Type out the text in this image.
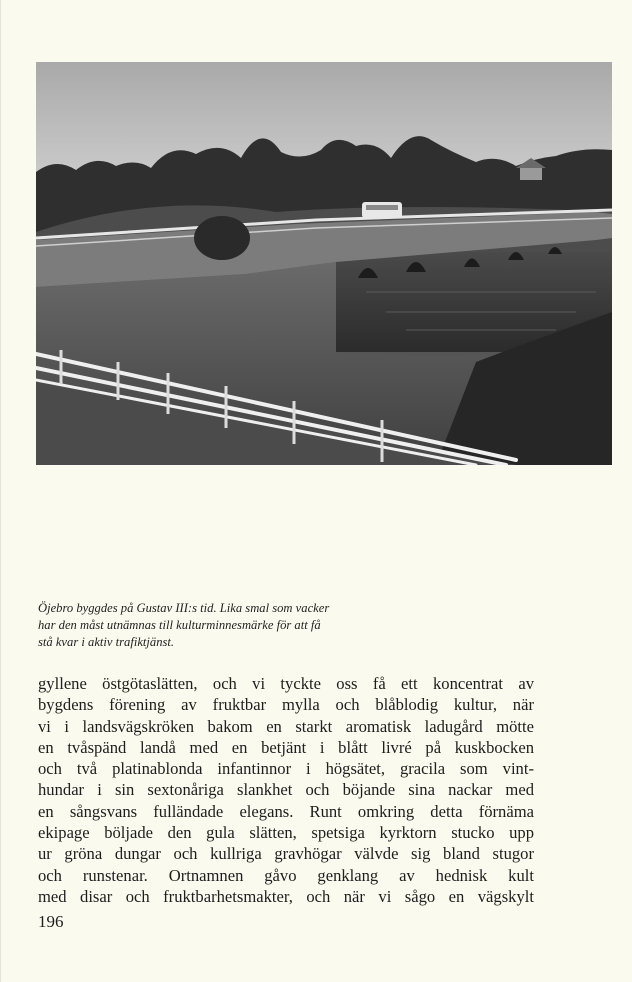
Öjebro byggdes på Gustav III:s tid. Lika smal som vacker
har den måst utnämnas till kulturminnesmärke för att få
stå kvar i aktiv trafiktjänst.
gyllene östgötaslätten, och vi tyckte oss få ett koncentrat av
bygdens förening av fruktbar mylla och blåblodig kultur, när
vi i landsvägskröken bakom en starkt aromatisk ladugård mötte
en tvåspänd landå med en betjänt i blått livré på kuskbocken
och två platinablonda infantinnor i högsätet, gracila som vint-
hundar i sin sextonåriga slankhet och böjande sina nackar med
en sångsvans fulländade elegans. Runt omkring detta förnäma
ekipage böljade den gula slätten, spetsiga kyrktorn stucko upp
ur gröna dungar och kullriga gravhögar välvde sig bland stugor
och runstenar. Ortnamnen gåvo genklang av hednisk kult
med disar och fruktbarhetsmakter, och när vi sågo en vägskylt
196
